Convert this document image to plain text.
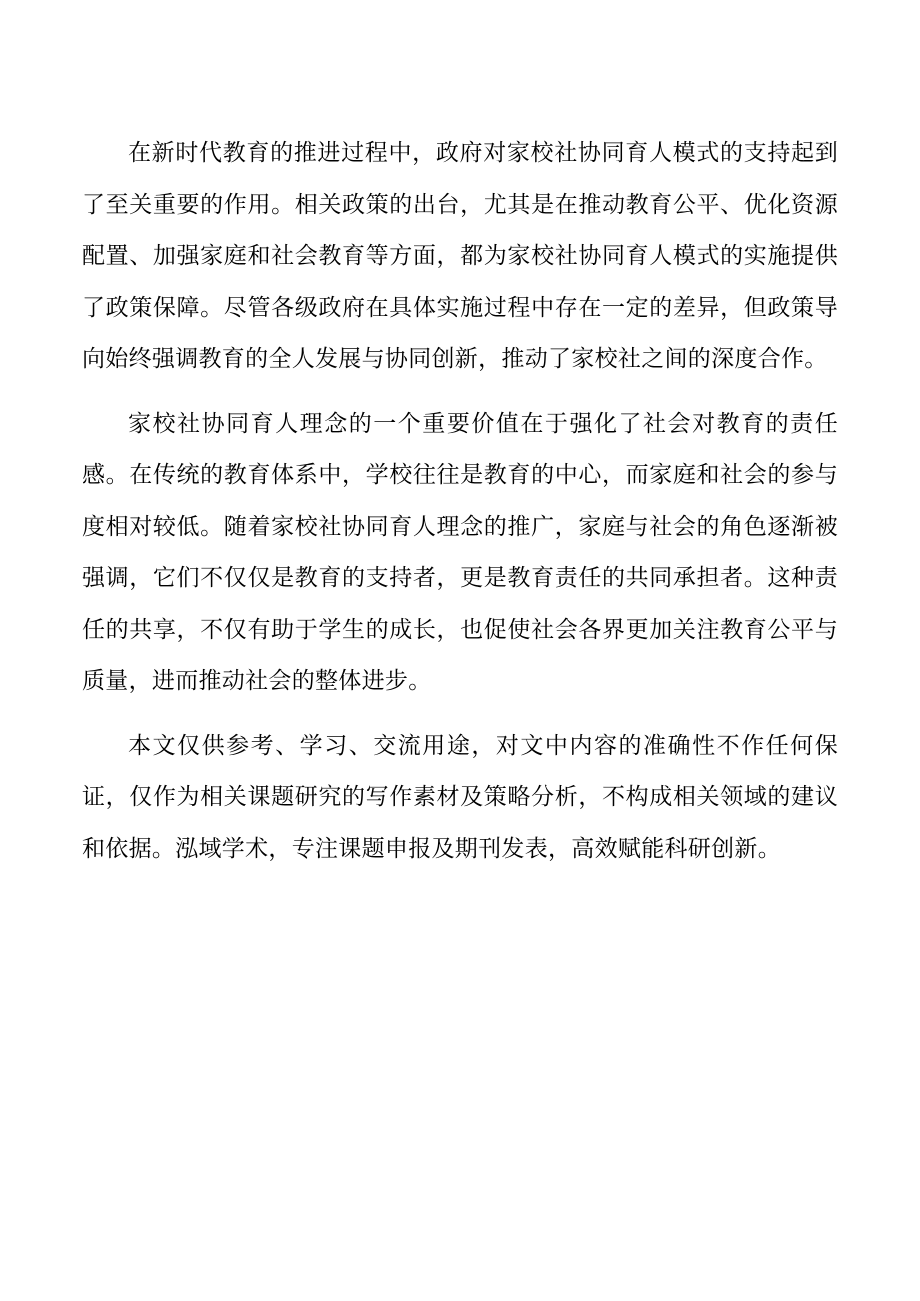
在新时代教育的推进过程中，政府对家校社协同育人模式的支持起到了至关重要的作用。相关政策的出台，尤其是在推动教育公平、优化资源配置、加强家庭和社会教育等方面，都为家校社协同育人模式的实施提供了政策保障。尽管各级政府在具体实施过程中存在一定的差异，但政策导向始终强调教育的全人发展与协同创新，推动了家校社之间的深度合作。

家校社协同育人理念的一个重要价值在于强化了社会对教育的责任感。在传统的教育体系中，学校往往是教育的中心，而家庭和社会的参与度相对较低。随着家校社协同育人理念的推广，家庭与社会的角色逐渐被强调，它们不仅仅是教育的支持者，更是教育责任的共同承担者。这种责任的共享，不仅有助于学生的成长，也促使社会各界更加关注教育公平与质量，进而推动社会的整体进步。

本文仅供参考、学习、交流用途，对文中内容的准确性不作任何保证，仅作为相关课题研究的写作素材及策略分析，不构成相关领域的建议和依据。泓域学术，专注课题申报及期刊发表，高效赋能科研创新。
